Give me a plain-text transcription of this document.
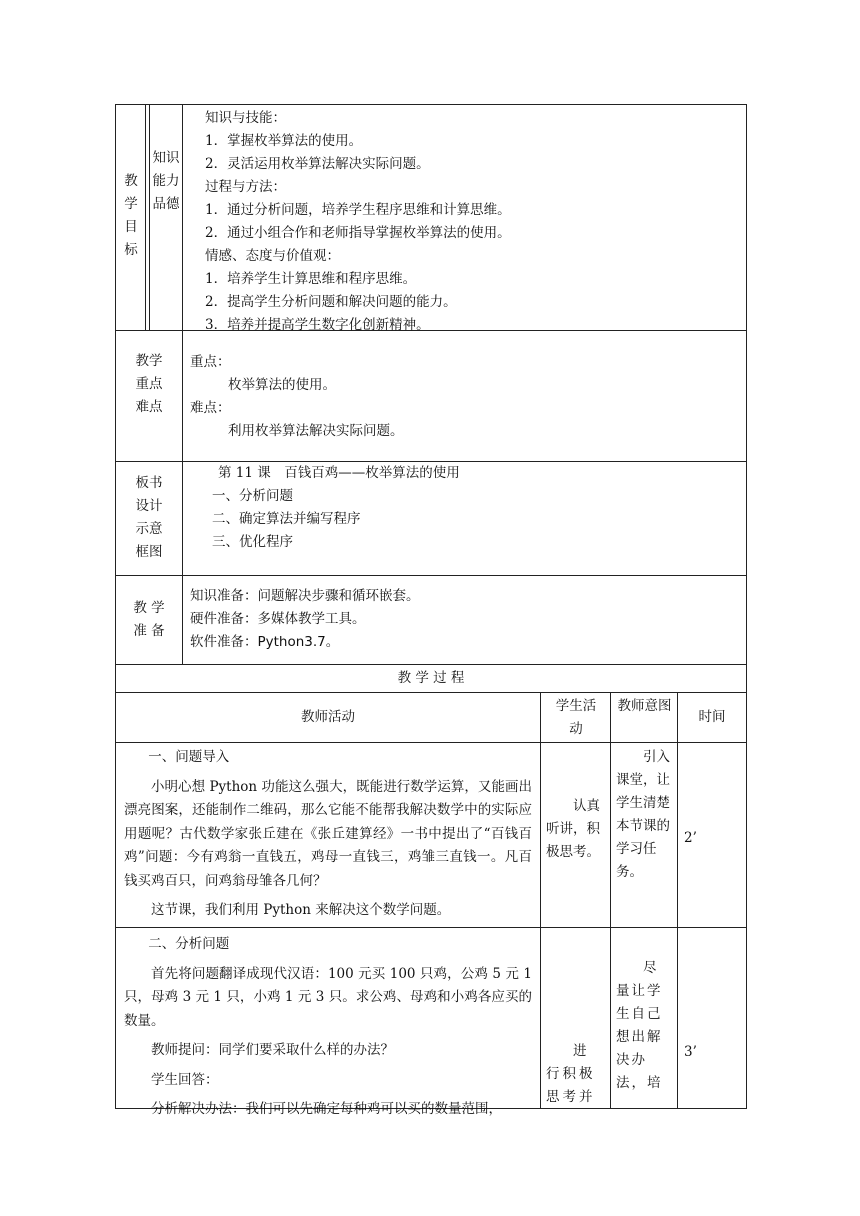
教学目标
知识能力品德
知识与技能：
1．掌握枚举算法的使用。
2．灵活运用枚举算法解决实际问题。
过程与方法：
1．通过分析问题，培养学生程序思维和计算思维。
2．通过小组合作和老师指导掌握枚举算法的使用。
情感、态度与价值观：
1．培养学生计算思维和程序思维。
2．提高学生分析问题和解决问题的能力。
3．培养并提高学生数字化创新精神。
教学
重点
难点
重点：
枚举算法的使用。
难点：
利用枚举算法解决实际问题。
板书
设计
示意
框图
第 11 课　百钱百鸡——枚举算法的使用
一、分析问题
二、确定算法并编写程序
三、优化程序
教 学
准 备
知识准备：问题解决步骤和循环嵌套。
硬件准备：多媒体教学工具。
软件准备：Python3.7。
教 学 过 程
教师活动
学生活动
教师意图
时间

一、问题导入

小明心想 Python 功能这么强大，既能进行数学运算，又能画出漂亮图案，还能制作二维码，那么它能不能帮我解决数学中的实际应用题呢？古代数学家张丘建在《张丘建算经》一书中提出了“百钱百鸡”问题：今有鸡翁一直钱五，鸡母一直钱三，鸡雏三直钱一。凡百钱买鸡百只，问鸡翁母雏各几何？

这节课，我们利用 Python 来解决这个数学问题。

认真听讲，积极思考。
引入课堂，让学生清楚本节课的学习任务。
2’

二、分析问题

首先将问题翻译成现代汉语：100 元买 100 只鸡，公鸡 5 元 1 只，母鸡 3 元 1 只，小鸡 1 元 3 只。求公鸡、母鸡和小鸡各应买的数量。

教师提问：同学们要采取什么样的办法？

学生回答：

分析解决办法：我们可以先确定每种鸡可以买的数量范围，

进行积极思考并
尽量让学生自己想出解决办法，培
3’
